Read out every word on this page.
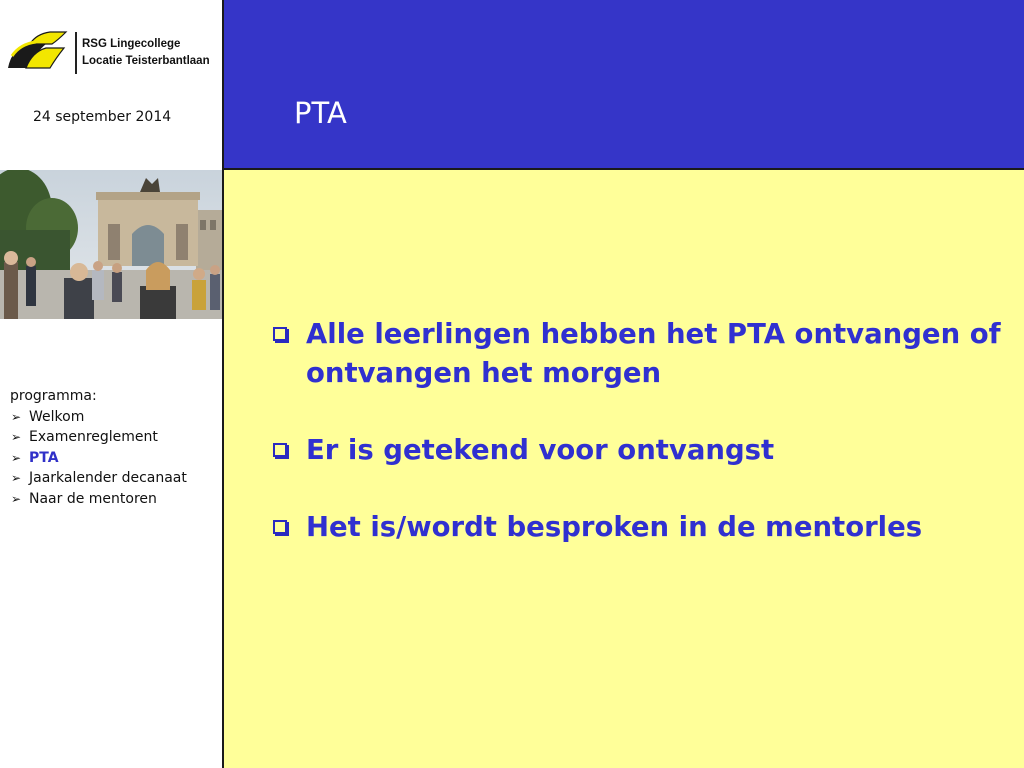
RSG Lingecollege
Locatie Teisterbantlaan
24 september 2014
programma:
➢ Welkom
➢ Examenreglement
➢ PTA
➢ Jaarkalender decanaat
➢ Naar de mentoren
PTA
Alle leerlingen hebben het PTA ontvangen of ontvangen het morgen
Er is getekend voor ontvangst
Het is/wordt besproken in de mentorles
